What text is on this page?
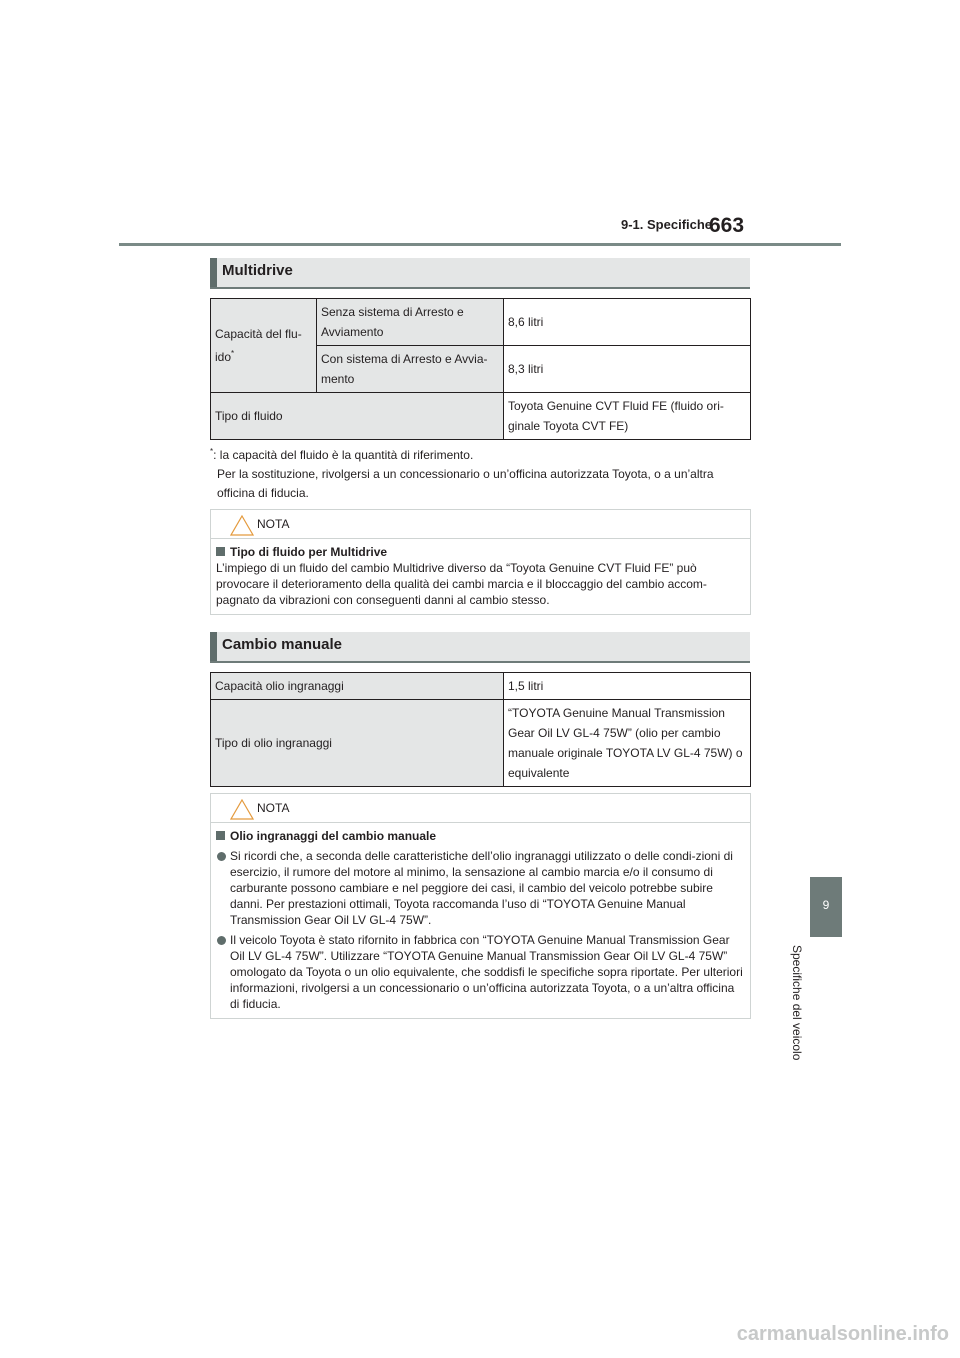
9-1. Specifiche
663
Multidrive
Capacità del flu-ido*	Senza sistema di Arresto e Avviamento	8,6 litri
	Con sistema di Arresto e Avvia-mento	8,3 litri
Tipo di fluido		Toyota Genuine CVT Fluid FE (fluido ori-ginale Toyota CVT FE)
*: la capacità del fluido è la quantità di riferimento.
Per la sostituzione, rivolgersi a un concessionario o un’officina autorizzata Toyota, o a un’altra officina di fiducia.
NOTA

Tipo di fluido per Multidrive

L’impiego di un fluido del cambio Multidrive diverso da “Toyota Genuine CVT Fluid FE” può provocare il deterioramento della qualità dei cambi marcia e il bloccaggio del cambio accom-pagnato da vibrazioni con conseguenti danni al cambio stesso.

Cambio manuale
Capacità olio ingranaggi	1,5 litri
Tipo di olio ingranaggi	“TOYOTA Genuine Manual Transmission Gear Oil LV GL-4 75W” (olio per cambio manuale originale TOYOTA LV GL-4 75W) o equivalente
NOTA

Olio ingranaggi del cambio manuale

Si ricordi che, a seconda delle caratteristiche dell’olio ingranaggi utilizzato o delle condi-zioni di esercizio, il rumore del motore al minimo, la sensazione al cambio marcia e/o il consumo di carburante possono cambiare e nel peggiore dei casi, il cambio del veicolo potrebbe subire danni. Per prestazioni ottimali, Toyota raccomanda l’uso di “TOYOTA Genuine Manual Transmission Gear Oil LV GL-4 75W”.
Il veicolo Toyota è stato rifornito in fabbrica con “TOYOTA Genuine Manual Transmission Gear Oil LV GL-4 75W”. Utilizzare “TOYOTA Genuine Manual Transmission Gear Oil LV GL-4 75W” omologato da Toyota o un olio equivalente, che soddisfi le specifiche sopra riportate. Per ulteriori informazioni, rivolgersi a un concessionario o un’officina autorizzata Toyota, o a un’altra officina di fiducia.
9
Specifiche del veicolo
carmanualsonline.info
